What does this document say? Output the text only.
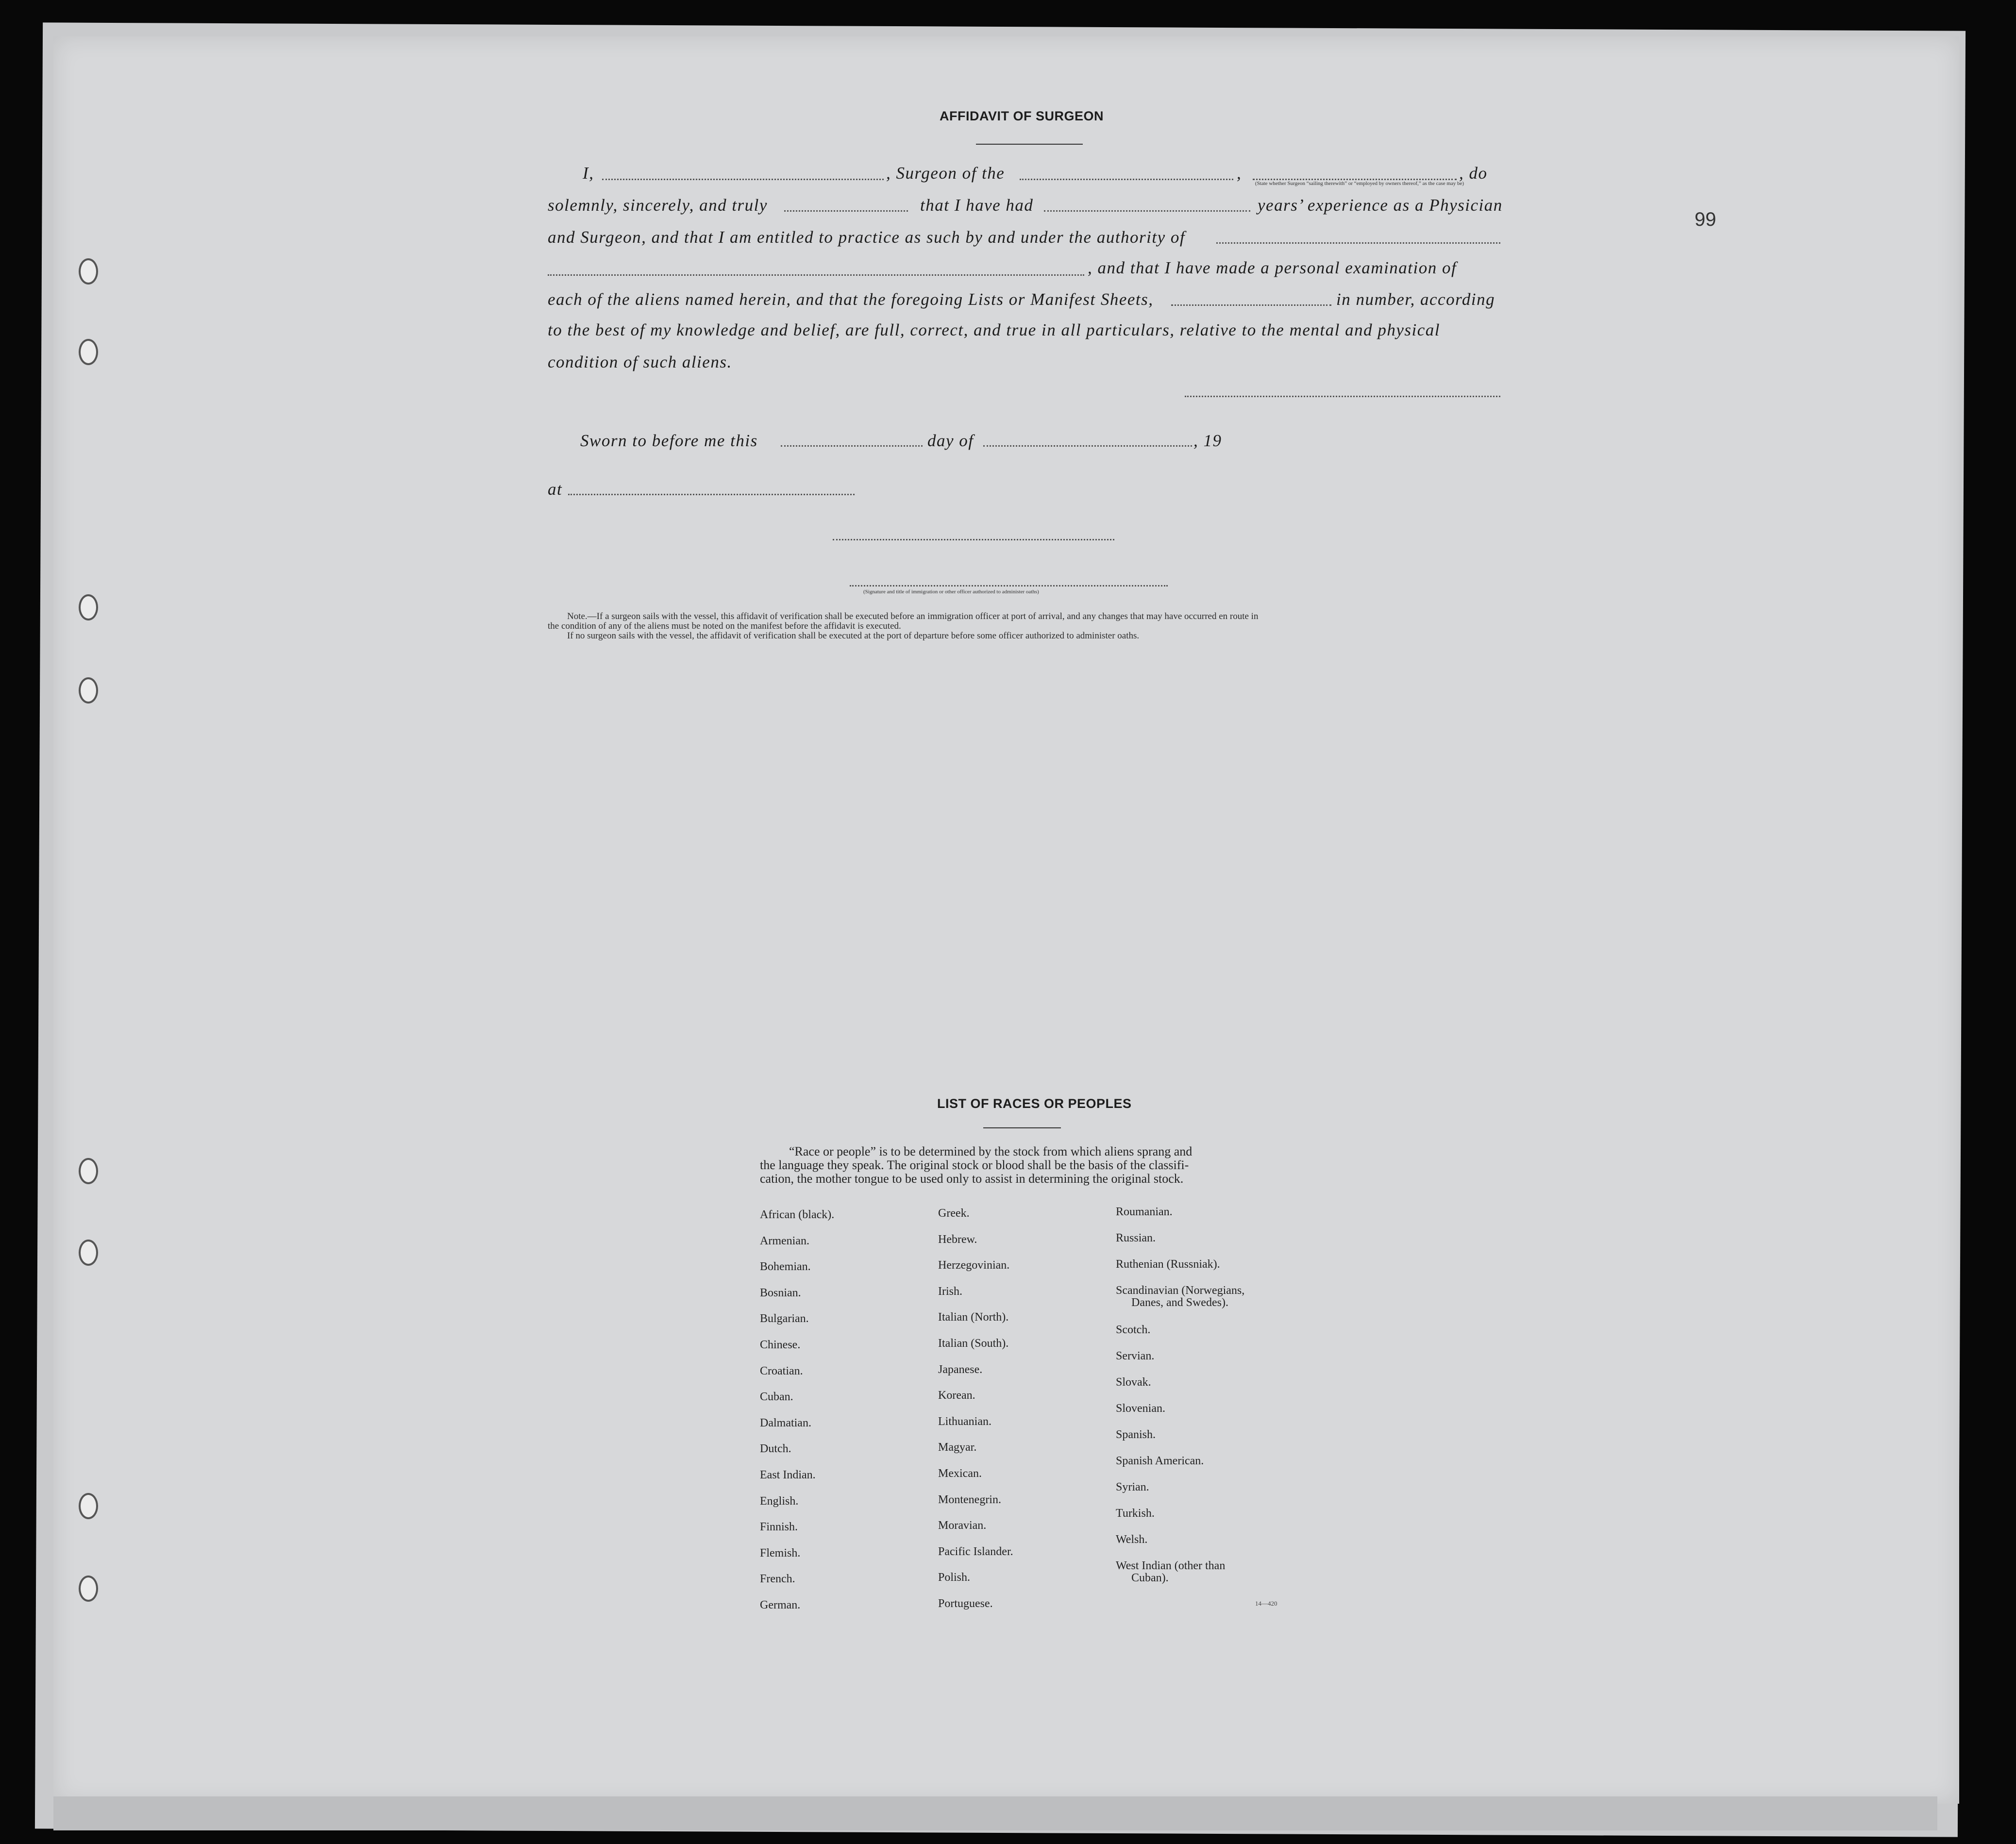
99
AFFIDAVIT OF SURGEON
I,	, Surgeon of the	,	, do
(State whether Surgeon “sailing therewith” or “employed by owners thereof,” as the case may be)
solemnly, sincerely, and truly	that I have had	years’ experience as a Physician
and Surgeon, and that I am entitled to practice as such by and under the authority of
, and that I have made a personal examination of
each of the aliens named herein, and that the foregoing Lists or Manifest Sheets,	in number, according
to the best of my knowledge and belief, are full, correct, and true in all particulars, relative to the mental and physical
condition of such aliens.
Sworn to before me this	day of	, 19
at
(Signature and title of immigration or other officer authorized to administer oaths)
Note.—If a surgeon sails with the vessel, this affidavit of verification shall be executed before an immigration officer at port of arrival, and any changes that may have occurred en route in
the condition of any of the aliens must be noted on the manifest before the affidavit is executed.
If no surgeon sails with the vessel, the affidavit of verification shall be executed at the port of departure before some officer authorized to administer oaths.
LIST OF RACES OR PEOPLES
“Race or people” is to be determined by the stock from which aliens sprang and
the language they speak. The original stock or blood shall be the basis of the classifi-
cation, the mother tongue to be used only to assist in determining the original stock.
African (black).
Armenian.
Bohemian.
Bosnian.
Bulgarian.
Chinese.
Croatian.
Cuban.
Dalmatian.
Dutch.
East Indian.
English.
Finnish.
Flemish.
French.
German.
Greek.
Hebrew.
Herzegovinian.
Irish.
Italian (North).
Italian (South).
Japanese.
Korean.
Lithuanian.
Magyar.
Mexican.
Montenegrin.
Moravian.
Pacific Islander.
Polish.
Portuguese.
Roumanian.
Russian.
Ruthenian (Russniak).
Scandinavian (Norwegians,
Danes, and Swedes).
Scotch.
Servian.
Slovak.
Slovenian.
Spanish.
Spanish American.
Syrian.
Turkish.
Welsh.
West Indian (other than
Cuban).
14—420
